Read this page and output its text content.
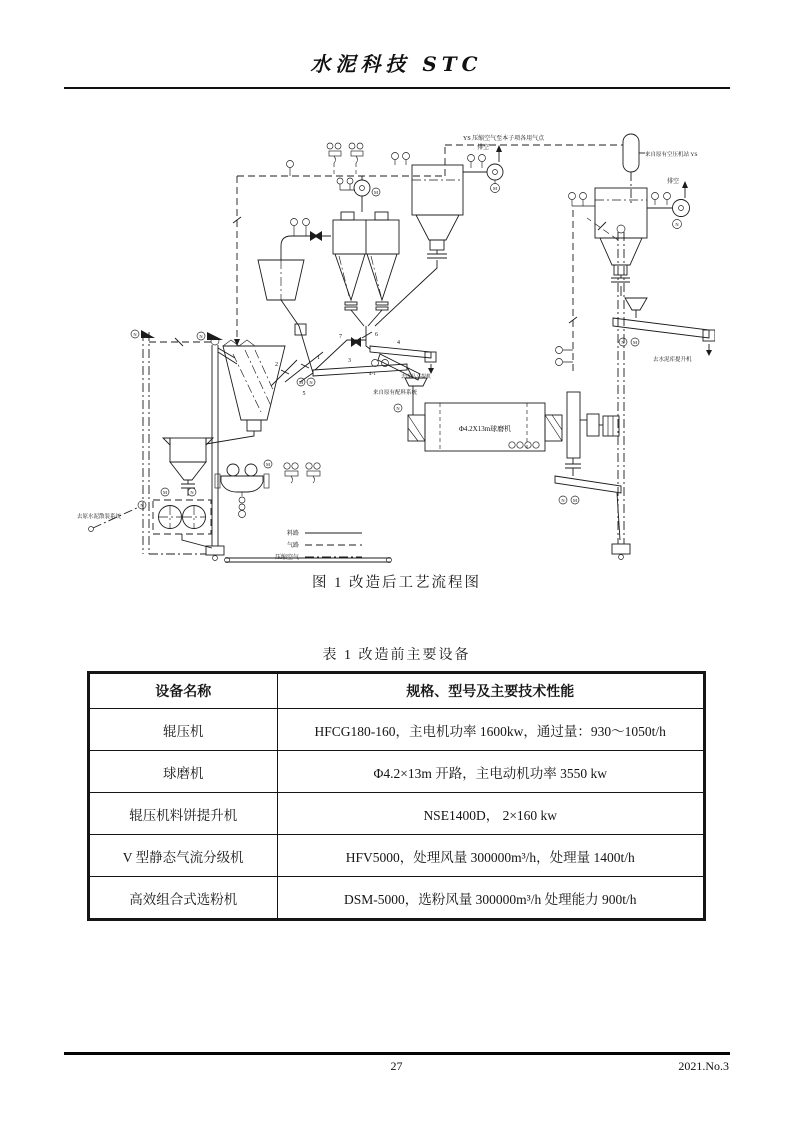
水泥科技 STC
YS 压缩空气至本子项各用气点
来自原有空压机站 YS
M
排空
N
排空
N M
去水泥库提升机
N
Φ4.2X13m球磨机
N M
6
7
4
4-1
去成品斗提机
M
N
M N
1
2
5
M	N
N
N
去原水泥散装系统
M
3
来自原有配料系统
料路
气路
压缩空气
图 1 改造后工艺流程图
表 1 改造前主要设备
设备名称	规格、型号及主要技术性能
辊压机	HFCG180-160，主电机功率 1600kw，通过量：930～1050t/h
球磨机	Φ4.2×13m 开路，主电动机功率 3550 kw
辊压机料饼提升机	NSE1400D， 2×160 kw
V 型静态气流分级机	HFV5000，处理风量 300000m³/h，处理量 1400t/h
高效组合式选粉机	DSM-5000，选粉风量 300000m³/h 处理能力 900t/h
27	2021.No.3
